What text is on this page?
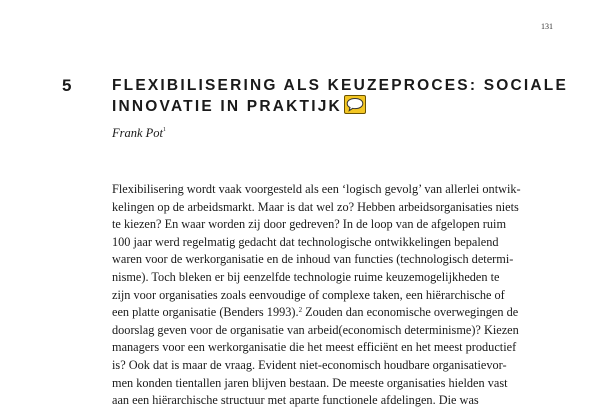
131
5	FLEXIBILISERING ALS KEUZEPROCES: SOCIALE
INNOVATIE IN PRAKTIJK
Frank Pot$^1$

Flexibilisering wordt vaak voorgesteld als een ‘logisch gevolg’ van allerlei ontwik-
kelingen op de arbeidsmarkt. Maar is dat wel zo? Hebben arbeidsorganisaties niets
te kiezen? En waar worden zij door gedreven? In de loop van de afgelopen ruim
100 jaar werd regelmatig gedacht dat technologische ontwikkelingen bepalend
waren voor de werkorganisatie en de inhoud van functies (technologisch determi-
nisme). Toch bleken er bij eenzelfde technologie ruime keuzemogelijkheden te
zijn voor organisaties zoals eenvoudige of complexe taken, een hiërarchische of
een platte organisatie (Benders 1993).$^2$ Zouden dan economische overwegingen de
doorslag geven voor de organisatie van arbeid(economisch determinisme)? Kiezen
managers voor een werkorganisatie die het meest efficiënt en het meest productief
is? Ook dat is maar de vraag. Evident niet-economisch houdbare organisatievor-
men konden tientallen jaren blijven bestaan. De meeste organisaties hielden vast
aan een hiërarchische structuur met aparte functionele afdelingen. Die was
